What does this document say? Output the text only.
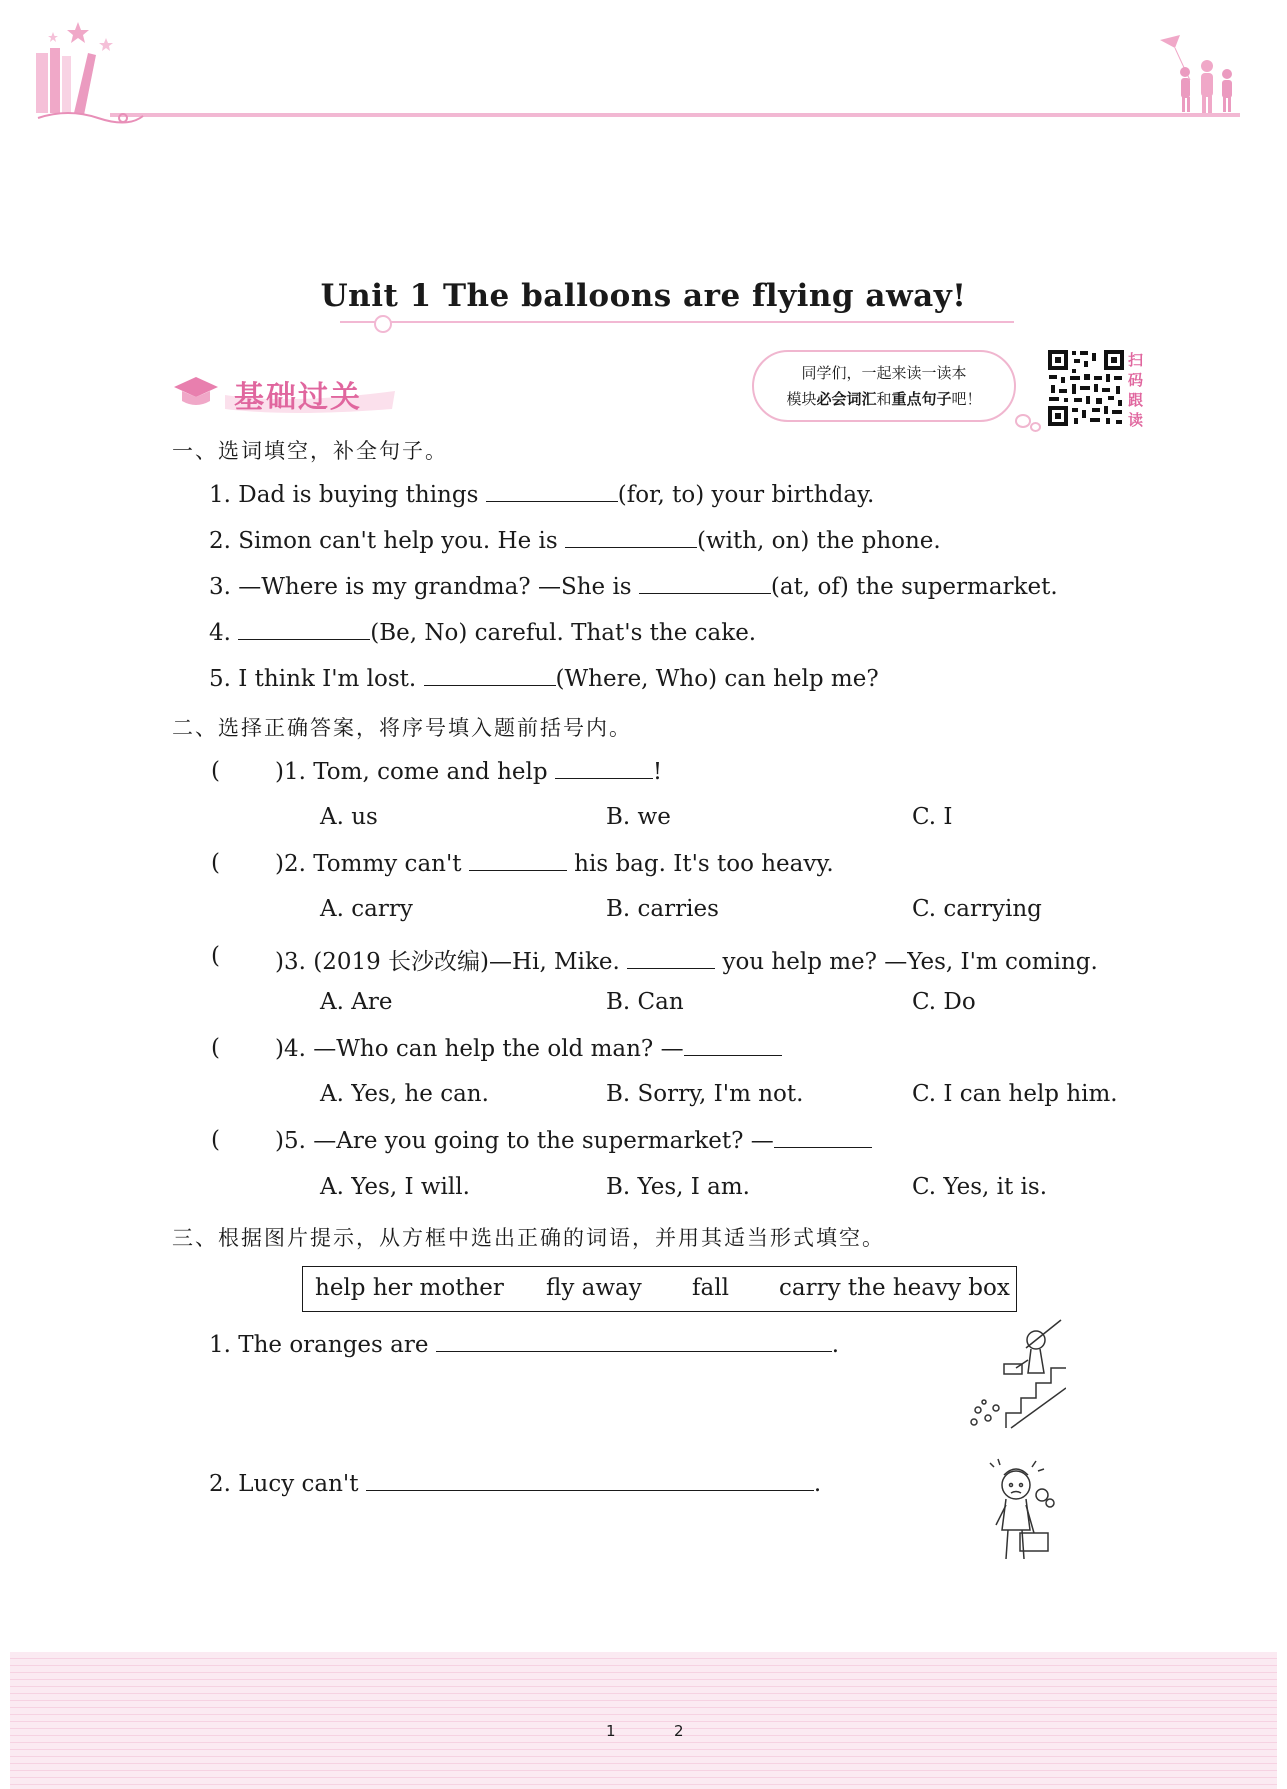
Unit 1 The balloons are flying away!
基础过关
同学们，一起来读一读本
模块必会词汇和重点句子吧！
扫
码
跟
读
一、选词填空，补全句子。
1. Dad is buying things	(for, to) your birthday.
2. Simon can't help you. He is	(with, on) the phone.
3. —Where is my grandma? —She is	(at, of) the supermarket.
4.	(Be, No) careful. That's the cake.
5. I think I'm lost.	(Where, Who) can help me?
二、选择正确答案，将序号填入题前括号内。
( )1. Tom, come and help	!
A. us	B. we	C. I
( )2. Tommy can't	his bag. It's too heavy.
A. carry	B. carries	C. carrying
( )3. (2019 长沙改编)—Hi, Mike.	you help me? —Yes, I'm coming.
A. Are	B. Can	C. Do
( )4. —Who can help the old man? —
A. Yes, he can.	B. Sorry, I'm not.	C. I can help him.
( )5. —Are you going to the supermarket? —
A. Yes, I will.	B. Yes, I am.	C. Yes, it is.
三、根据图片提示，从方框中选出正确的词语，并用其适当形式填空。
help her mother fly away fall carry the heavy box
1. The oranges are	.
2. Lucy can't	.
1	2
